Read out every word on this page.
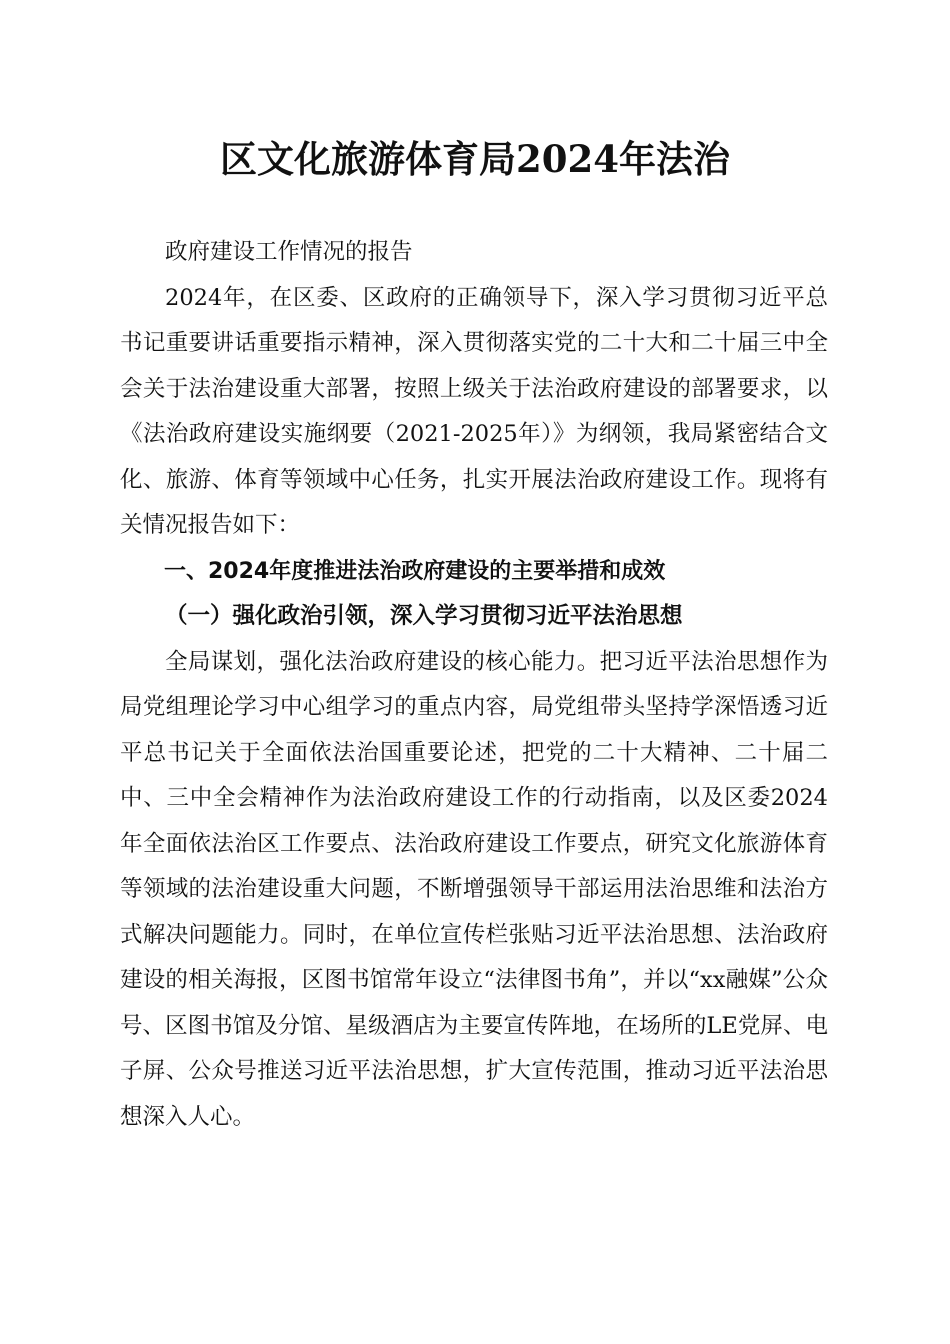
区文化旅游体育局2024年法治

政府建设工作情况的报告

2024年，在区委、区政府的正确领导下，深入学习贯彻习近平总书记重要讲话重要指示精神，深入贯彻落实党的二十大和二十届三中全会关于法治建设重大部署，按照上级关于法治政府建设的部署要求，以《法治政府建设实施纲要（2021-2025年）》为纲领，我局紧密结合文化、旅游、体育等领域中心任务，扎实开展法治政府建设工作。现将有关情况报告如下：

一、2024年度推进法治政府建设的主要举措和成效

（一）强化政治引领，深入学习贯彻习近平法治思想

全局谋划，强化法治政府建设的核心能力。把习近平法治思想作为局党组理论学习中心组学习的重点内容，局党组带头坚持学深悟透习近平总书记关于全面依法治国重要论述，把党的二十大精神、二十届二中、三中全会精神作为法治政府建设工作的行动指南，以及区委2024年全面依法治区工作要点、法治政府建设工作要点，研究文化旅游体育等领域的法治建设重大问题，不断增强领导干部运用法治思维和法治方式解决问题能力。同时，在单位宣传栏张贴习近平法治思想、法治政府建设的相关海报，区图书馆常年设立“法律图书角”，并以“xx融媒”公众号、区图书馆及分馆、星级酒店为主要宣传阵地，在场所的LE党屏、电子屏、公众号推送习近平法治思想，扩大宣传范围，推动习近平法治思想深入人心。
